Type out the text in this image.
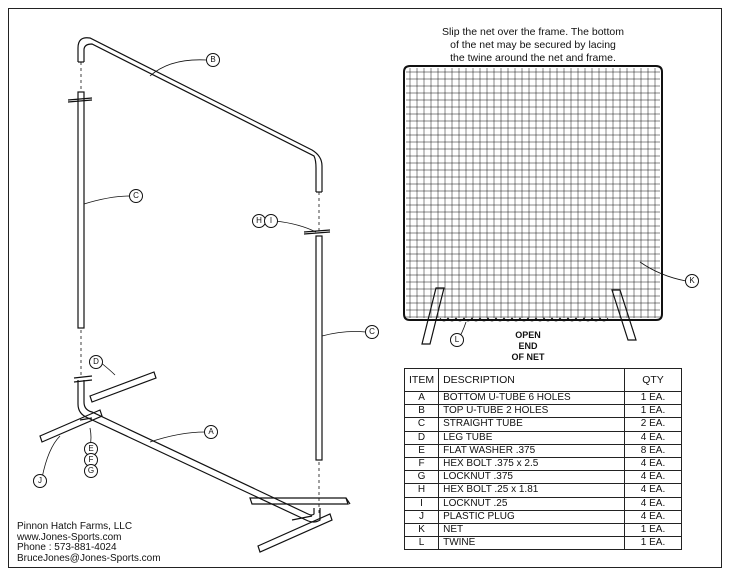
Slip the net over the frame. The bottom
of the net may be secured by lacing
the twine around the net and frame.
OPEN
END
OF NET
B
C
C
D
A
E
F
G
J
H I
K
L
ITEM	DESCRIPTION	QTY
A	BOTTOM U-TUBE 6 HOLES	1 EA.
B	TOP U-TUBE 2 HOLES	1 EA.
C	STRAIGHT TUBE	2 EA.
D	LEG TUBE	4 EA.
E	FLAT WASHER .375	8 EA.
F	HEX BOLT .375 x 2.5	4 EA.
G	LOCKNUT .375	4 EA.
H	HEX BOLT .25 x 1.81	4 EA.
I	LOCKNUT .25	4 EA.
J	PLASTIC PLUG	4 EA.
K	NET	1 EA.
L	TWINE	1 EA.
Pinnon Hatch Farms, LLC
www.Jones-Sports.com
Phone : 573-881-4024
BruceJones@Jones-Sports.com
